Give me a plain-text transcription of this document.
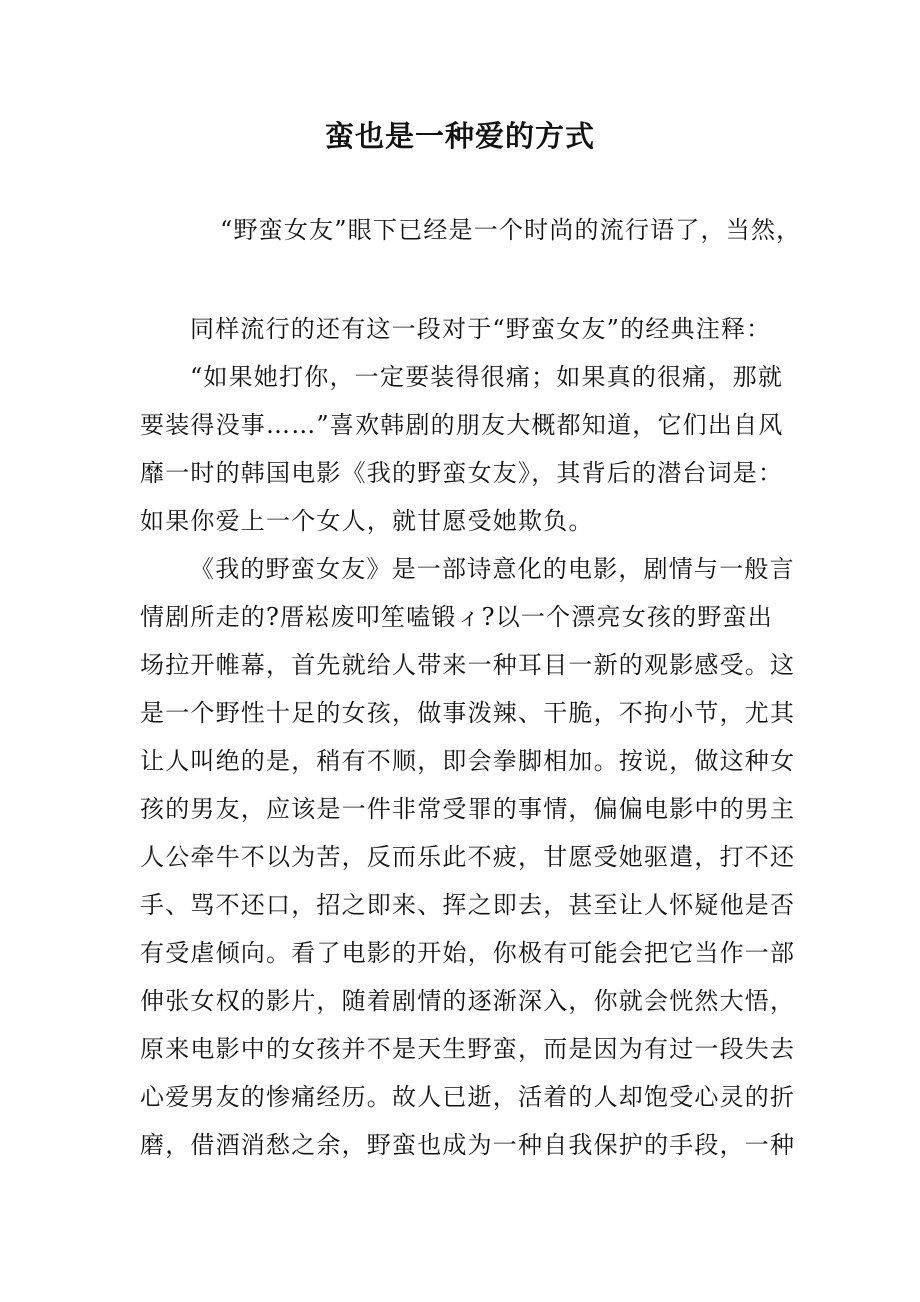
蛮也是一种爱的方式
“野蛮女友”眼下已经是一个时尚的流行语了，当然，
同样流行的还有这一段对于“野蛮女友”的经典注释：
“如果她打你，一定要装得很痛；如果真的很痛，那就
要装得没事……”喜欢韩剧的朋友大概都知道，它们出自风
靡一时的韩国电影《我的野蛮女友》，其背后的潜台词是：
如果你爱上一个女人，就甘愿受她欺负。
《我的野蛮女友》是一部诗意化的电影，剧情与一般言
情剧所走的?厝崧废叩笙嗑锻ィ?以一个漂亮女孩的野蛮出
场拉开帷幕，首先就给人带来一种耳目一新的观影感受。这
是一个野性十足的女孩，做事泼辣、干脆，不拘小节，尤其
让人叫绝的是，稍有不顺，即会拳脚相加。按说，做这种女
孩的男友，应该是一件非常受罪的事情，偏偏电影中的男主
人公牵牛不以为苦，反而乐此不疲，甘愿受她驱遣，打不还
手、骂不还口，招之即来、挥之即去，甚至让人怀疑他是否
有受虐倾向。看了电影的开始，你极有可能会把它当作一部
伸张女权的影片，随着剧情的逐渐深入，你就会恍然大悟，
原来电影中的女孩并不是天生野蛮，而是因为有过一段失去
心爱男友的惨痛经历。故人已逝，活着的人却饱受心灵的折
磨，借酒消愁之余，野蛮也成为一种自我保护的手段，一种
